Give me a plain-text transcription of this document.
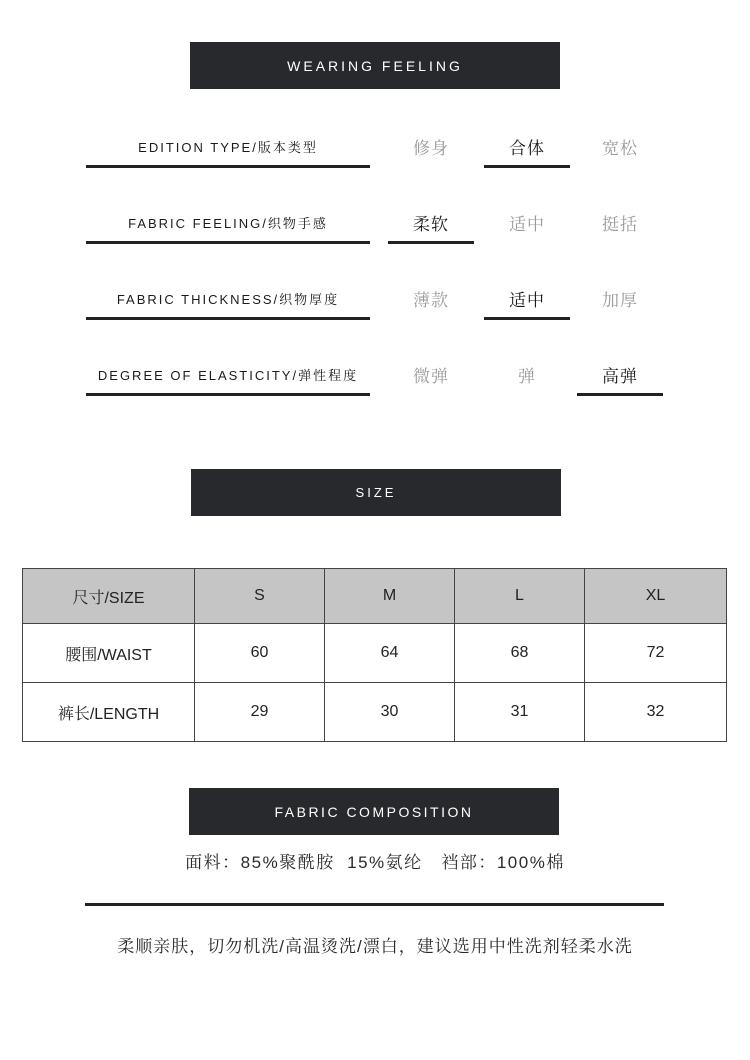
WEARING FEELING
EDITION TYPE/版本类型	修身	合体	宽松
FABRIC FEELING/织物手感	柔软	适中	挺括
FABRIC THICKNESS/织物厚度	薄款	适中	加厚
DEGREE OF ELASTICITY/弹性程度	微弹	弹	高弹
SIZE
尺寸/SIZE	S	M	L	XL
腰围/WAIST	60	64	68	72
裤长/LENGTH	29	30	31	32
FABRIC COMPOSITION
面料：85%聚酰胺  15%氨纶   裆部：100%棉
柔顺亲肤，切勿机洗/高温烫洗/漂白，建议选用中性洗剂轻柔水洗
